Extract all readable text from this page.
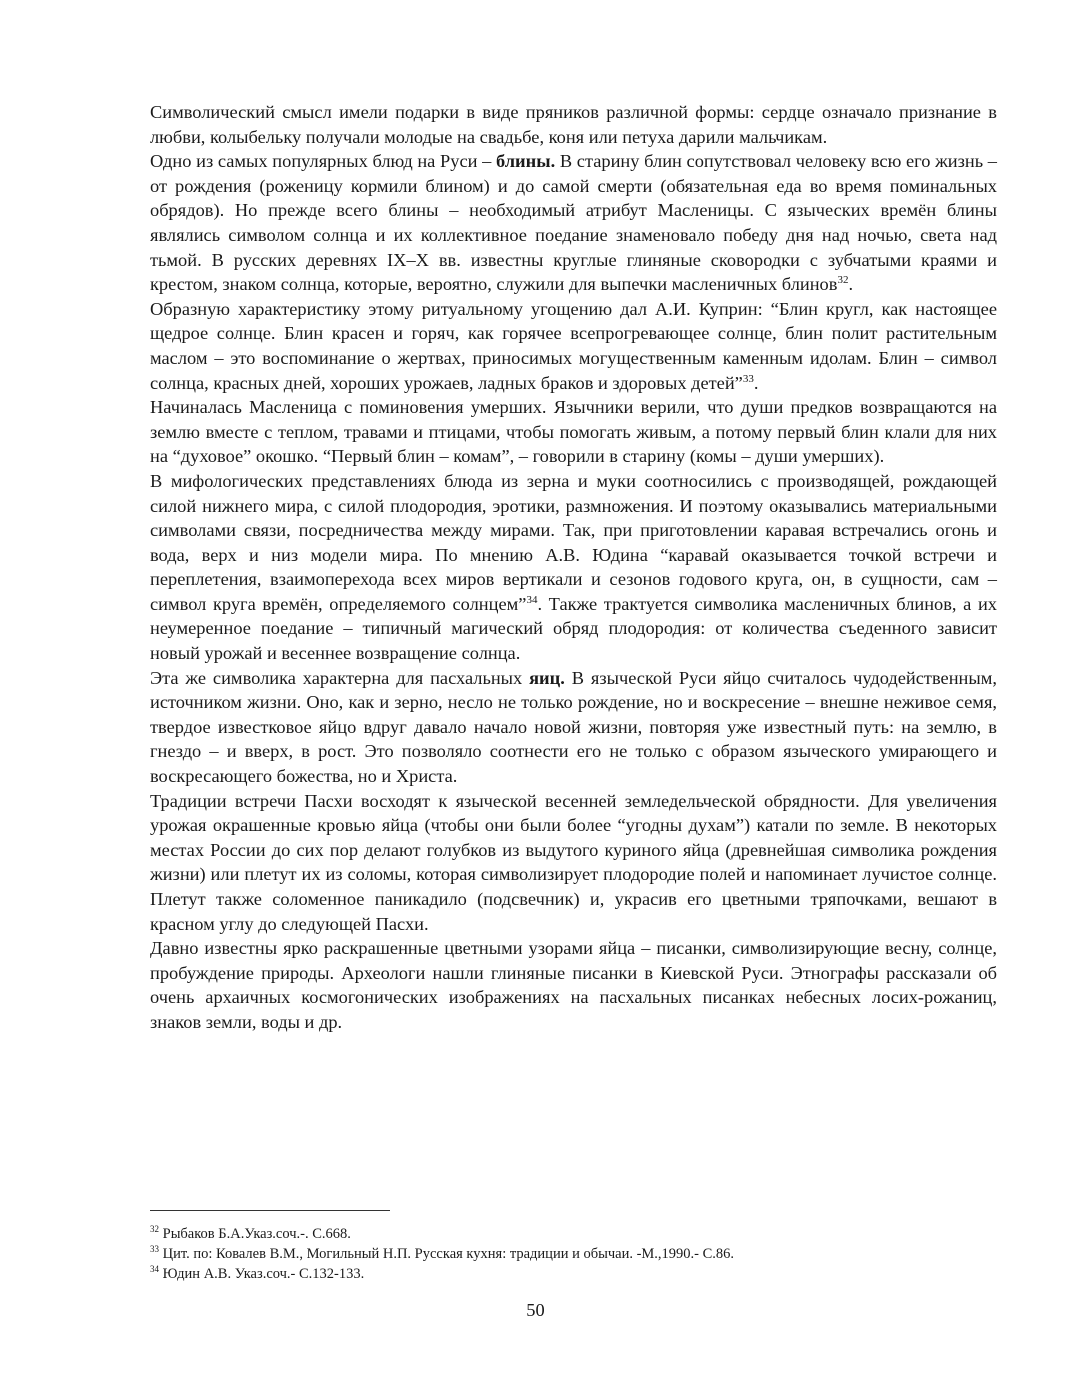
Символический смысл имели подарки в виде пряников различной формы: сердце означало признание в любви, колыбельку получали молодые на свадьбе, коня или петуха дарили мальчикам.

Одно из самых популярных блюд на Руси – блины. В старину блин сопутствовал человеку всю его жизнь – от рождения (роженицу кормили блином) и до самой смерти (обязательная еда во время поминальных обрядов). Но прежде всего блины – необходимый атрибут Масленицы. С языческих времён блины являлись символом солнца и их коллективное поедание знаменовало победу дня над ночью, света над тьмой. В русских деревнях IX–X вв. известны круглые глиняные сковородки с зубчатыми краями и крестом, знаком солнца, которые, вероятно, служили для выпечки масленичных блинов$^{32}$.

Образную характеристику этому ритуальному угощению дал А.И. Куприн: “Блин кругл, как настоящее щедрое солнце. Блин красен и горяч, как горячее всепрогревающее солнце, блин полит растительным маслом – это воспоминание о жертвах, приносимых могущественным каменным идолам. Блин – символ солнца, красных дней, хороших урожаев, ладных браков и здоровых детей”$^{33}$.

Начиналась Масленица с поминовения умерших. Язычники верили, что души предков возвращаются на землю вместе с теплом, травами и птицами, чтобы помогать живым, а потому первый блин клали для них на “духовое” окошко. “Первый блин – комам”, – говорили в старину (комы – души умерших).

В мифологических представлениях блюда из зерна и муки соотносились с производящей, рождающей силой нижнего мира, с силой плодородия, эротики, размножения. И поэтому оказывались материальными символами связи, посредничества между мирами. Так, при приготовлении каравая встречались огонь и вода, верх и низ модели мира. По мнению А.В. Юдина “каравай оказывается точкой встречи и переплетения, взаимоперехода всех миров вертикали и сезонов годового круга, он, в сущности, сам – символ круга времён, определяемого солнцем”$^{34}$. Также трактуется символика масленичных блинов, а их неумеренное поедание – типичный магический обряд плодородия: от количества съеденного зависит новый урожай и весеннее возвращение солнца.

Эта же символика характерна для пасхальных яиц. В языческой Руси яйцо считалось чудодейственным, источником жизни. Оно, как и зерно, несло не только рождение, но и воскресение – внешне неживое семя, твердое известковое яйцо вдруг давало начало новой жизни, повторяя уже известный путь: на землю, в гнездо – и вверх, в рост. Это позволяло соотнести его не только с образом языческого умирающего и воскресающего божества, но и Христа.

Традиции встречи Пасхи восходят к языческой весенней земледельческой обрядности. Для увеличения урожая окрашенные кровью яйца (чтобы они были более “угодны духам”) катали по земле. В некоторых местах России до сих пор делают голубков из выдутого куриного яйца (древнейшая символика рождения жизни) или плетут их из соломы, которая символизирует плодородие полей и напоминает лучистое солнце. Плетут также соломенное паникадило (подсвечник) и, украсив его цветными тряпочками, вешают в красном углу до следующей Пасхи.

Давно известны ярко раскрашенные цветными узорами яйца – писанки, символизирующие весну, солнце, пробуждение природы. Археологи нашли глиняные писанки в Киевской Руси. Этнографы рассказали об очень архаичных космогонических изображениях на пасхальных писанках небесных лосих-рожаниц, знаков земли, воды и др.

$^{32}$ Рыбаков Б.А.Указ.соч.-. С.668.

$^{33}$ Цит. по: Ковалев В.М., Могильный Н.П. Русская кухня: традиции и обычаи. -М.,1990.- С.86.

$^{34}$ Юдин А.В. Указ.соч.- С.132-133.

50
